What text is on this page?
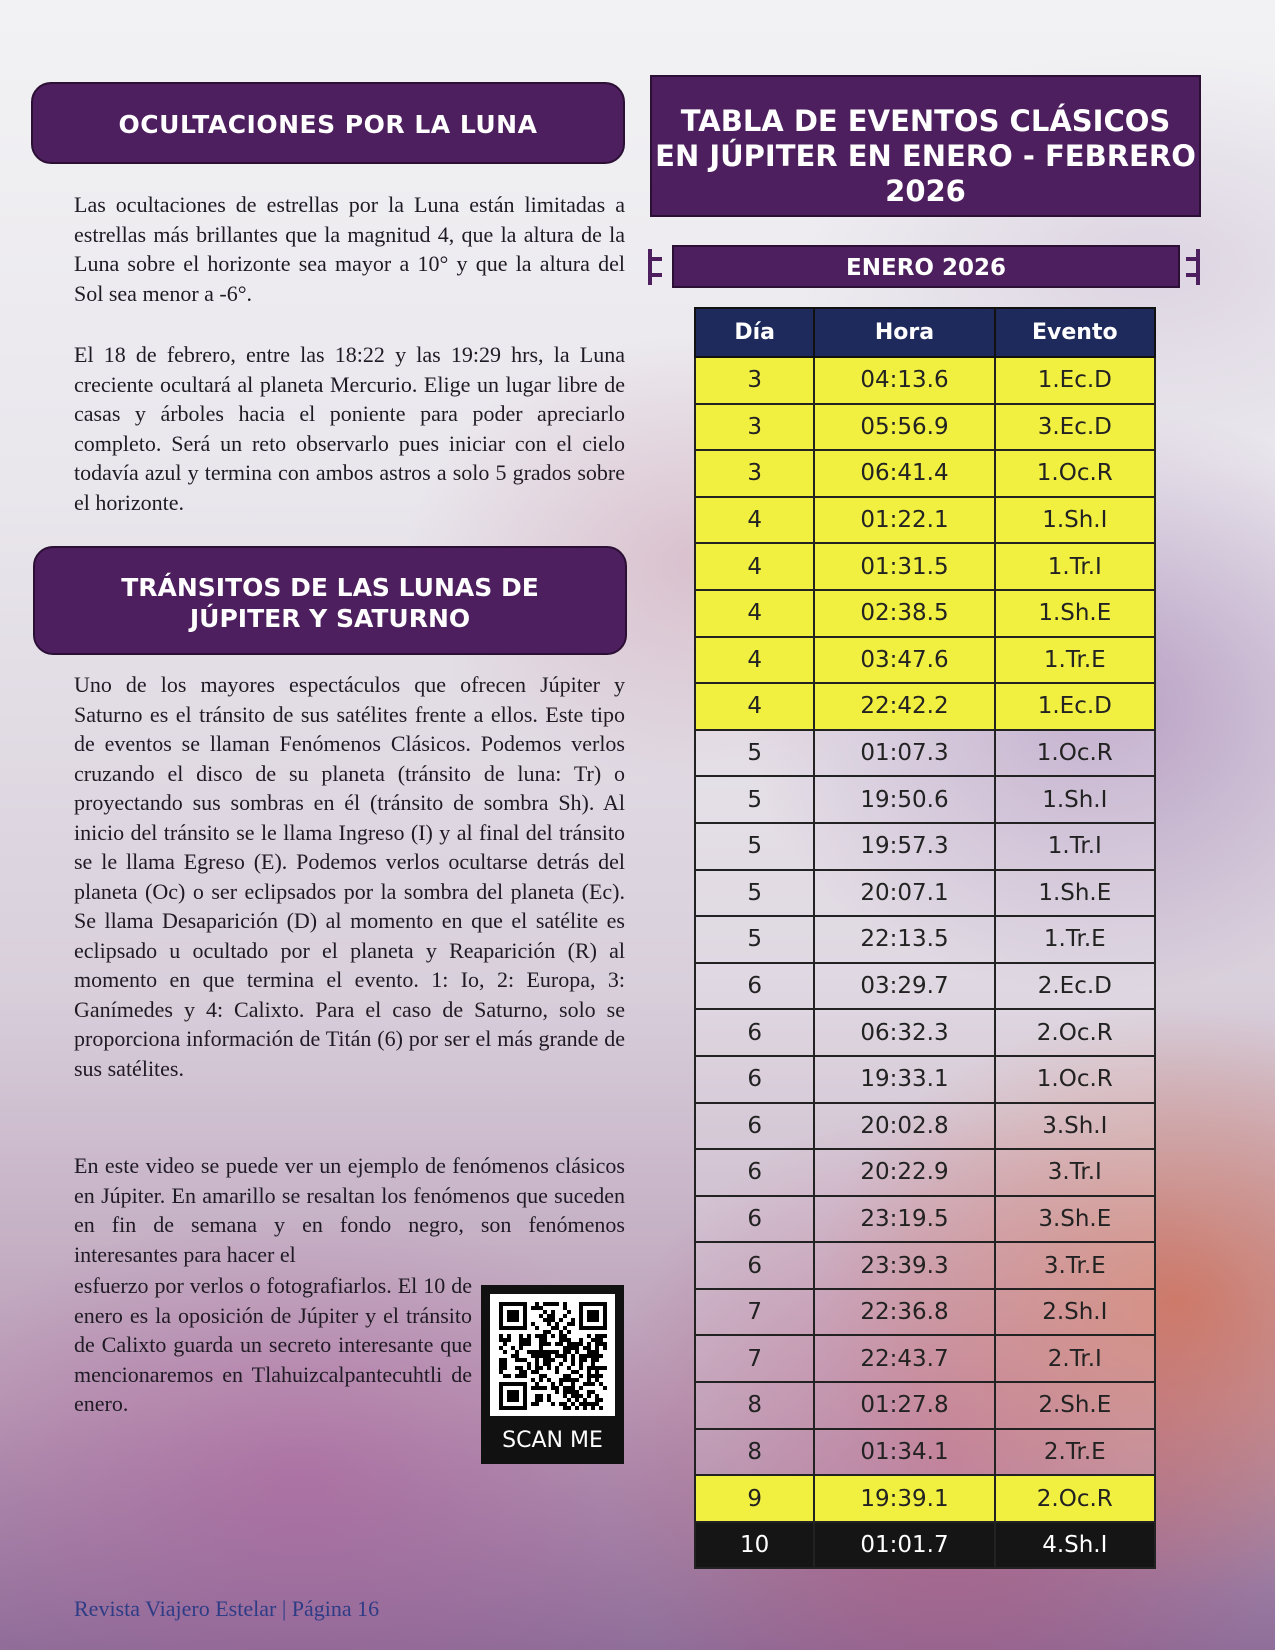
OCULTACIONES POR LA LUNA

Las ocultaciones de estrellas por la Luna están limitadas a estrellas más brillantes que la magnitud 4, que la altura de la Luna sobre el horizonte sea mayor a 10° y que la altura del Sol sea menor a -6°.

El 18 de febrero, entre las 18:22 y las 19:29 hrs, la Luna creciente ocultará al planeta Mercurio. Elige un lugar libre de casas y árboles hacia el poniente para poder apreciarlo completo. Será un reto observarlo pues iniciar con el cielo todavía azul y termina con ambos astros a solo 5 grados sobre el horizonte.

TRÁNSITOS DE LAS LUNAS DE
JÚPITER Y SATURNO

Uno de los mayores espectáculos que ofrecen Júpiter y Saturno es el tránsito de sus satélites frente a ellos. Este tipo de eventos se llaman Fenómenos Clásicos. Podemos verlos cruzando el disco de su planeta (tránsito de luna: Tr) o proyectando sus sombras en él (tránsito de sombra Sh). Al inicio del tránsito se le llama Ingreso (I) y al final del tránsito se le llama Egreso (E). Podemos verlos ocultarse detrás del planeta (Oc) o ser eclipsados por la sombra del planeta (Ec). Se llama Desaparición (D) al momento en que el satélite es eclipsado u ocultado por el planeta y Reaparición (R) al momento en que termina el evento. 1: Io, 2: Europa, 3: Ganímedes y 4: Calixto. Para el caso de Saturno, solo se proporciona información de Titán (6) por ser el más grande de sus satélites.

En este video se puede ver un ejemplo de fenómenos clásicos en Júpiter. En amarillo se resaltan los fenómenos que suceden en fin de semana y en fondo negro, son fenómenos interesantes para hacer el

esfuerzo por verlos o fotografiarlos. El 10 de enero es la oposición de Júpiter y el tránsito de Calixto guarda un secreto interesante que mencionaremos en Tlahuizcalpantecuhtli de enero.

SCAN ME
TABLA DE EVENTOS CLÁSICOS
EN JÚPITER EN ENERO - FEBRERO
2026
ENERO 2026
Día	Hora	Evento
3	04:13.6	1.Ec.D
3	05:56.9	3.Ec.D
3	06:41.4	1.Oc.R
4	01:22.1	1.Sh.I
4	01:31.5	1.Tr.I
4	02:38.5	1.Sh.E
4	03:47.6	1.Tr.E
4	22:42.2	1.Ec.D
5	01:07.3	1.Oc.R
5	19:50.6	1.Sh.I
5	19:57.3	1.Tr.I
5	20:07.1	1.Sh.E
5	22:13.5	1.Tr.E
6	03:29.7	2.Ec.D
6	06:32.3	2.Oc.R
6	19:33.1	1.Oc.R
6	20:02.8	3.Sh.I
6	20:22.9	3.Tr.I
6	23:19.5	3.Sh.E
6	23:39.3	3.Tr.E
7	22:36.8	2.Sh.I
7	22:43.7	2.Tr.I
8	01:27.8	2.Sh.E
8	01:34.1	2.Tr.E
9	19:39.1	2.Oc.R
10	01:01.7	4.Sh.I
Revista Viajero Estelar | Página 16
